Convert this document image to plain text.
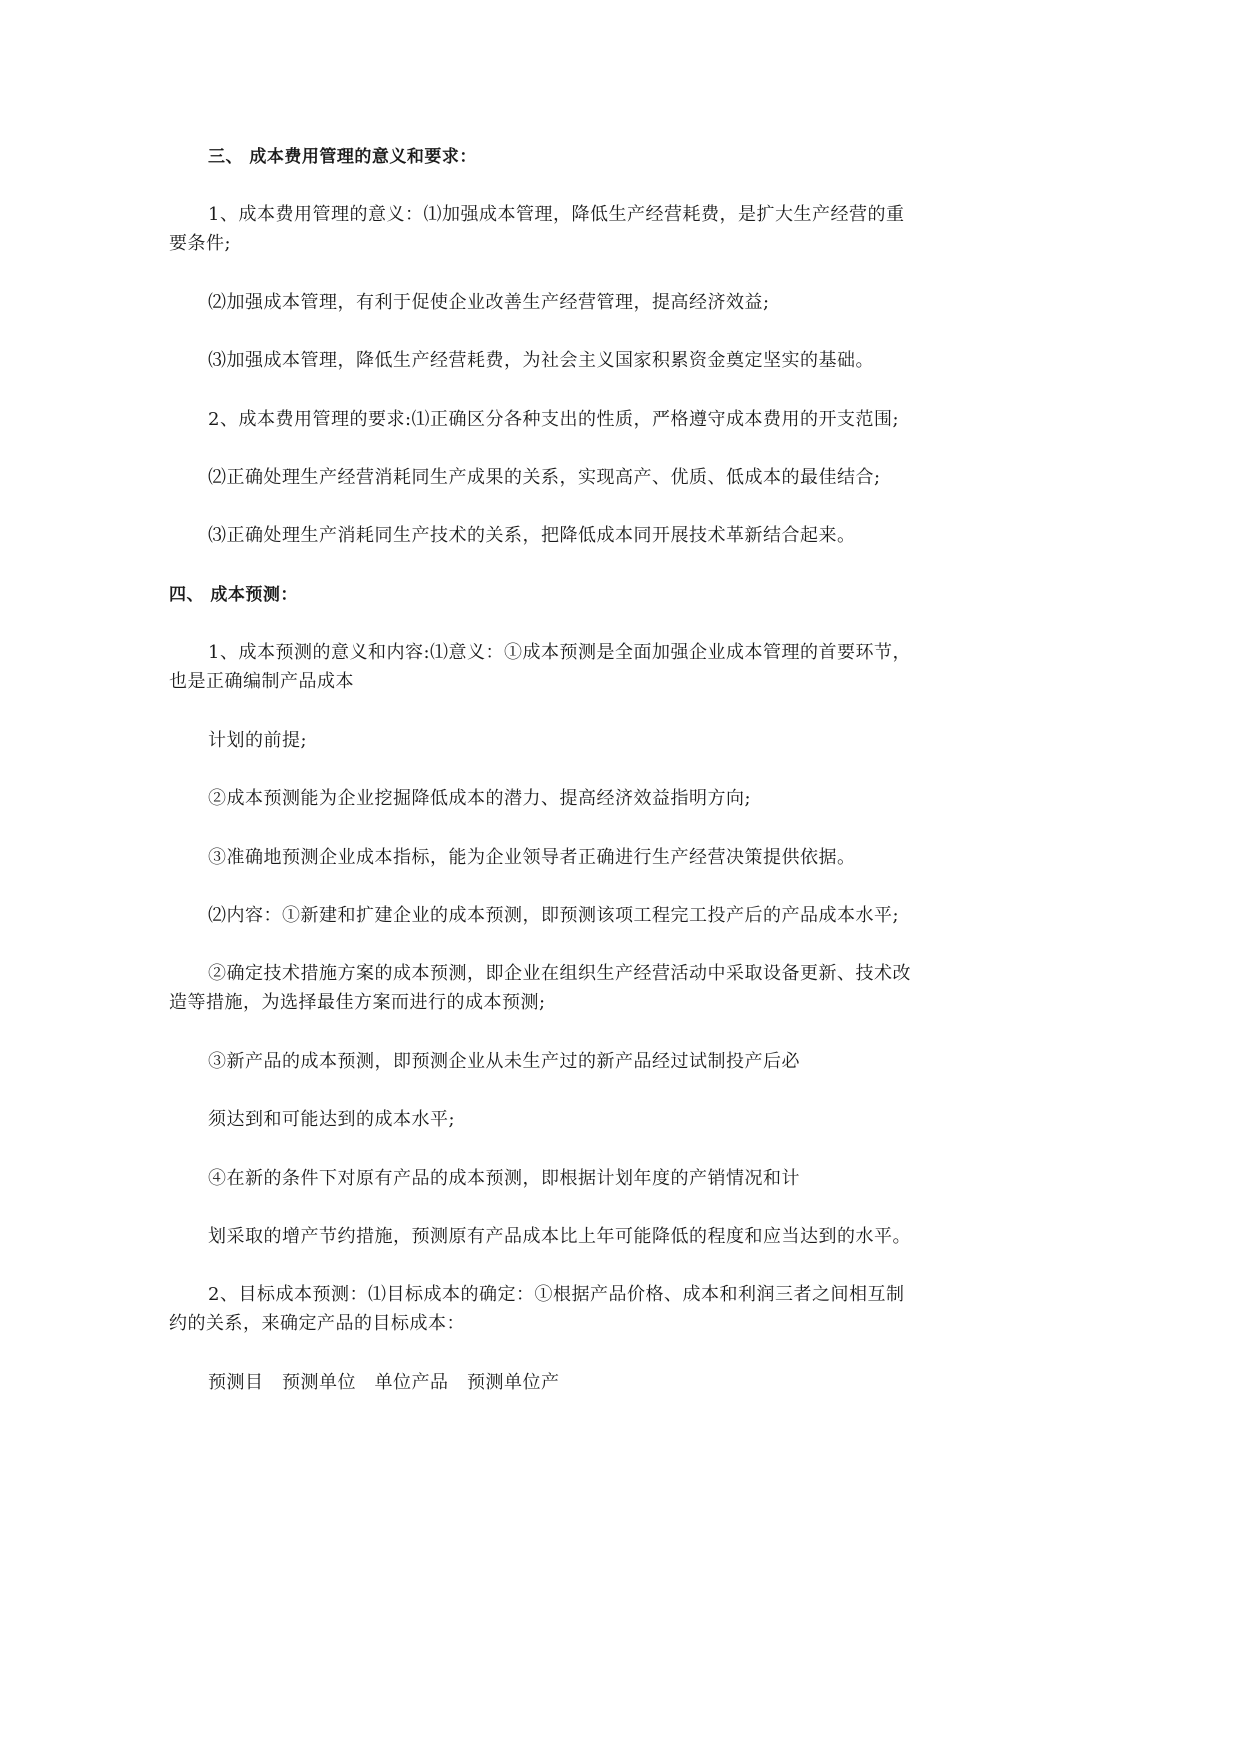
三、 成本费用管理的意义和要求：

1、成本费用管理的意义：⑴加强成本管理，降低生产经营耗费，是扩大生产经营的重

要条件;

⑵加强成本管理，有利于促使企业改善生产经营管理，提高经济效益;

⑶加强成本管理，降低生产经营耗费，为社会主义国家积累资金奠定坚实的基础。

2、成本费用管理的要求:⑴正确区分各种支出的性质，严格遵守成本费用的开支范围;

⑵正确处理生产经营消耗同生产成果的关系，实现高产、优质、低成本的最佳结合;

⑶正确处理生产消耗同生产技术的关系，把降低成本同开展技术革新结合起来。

四、 成本预测：

1、成本预测的意义和内容:⑴意义：①成本预测是全面加强企业成本管理的首要环节，

也是正确编制产品成本

计划的前提;

②成本预测能为企业挖掘降低成本的潜力、提高经济效益指明方向;

③准确地预测企业成本指标，能为企业领导者正确进行生产经营决策提供依据。

⑵内容：①新建和扩建企业的成本预测，即预测该项工程完工投产后的产品成本水平;

②确定技术措施方案的成本预测，即企业在组织生产经营活动中采取设备更新、技术改

造等措施，为选择最佳方案而进行的成本预测;

③新产品的成本预测，即预测企业从未生产过的新产品经过试制投产后必

须达到和可能达到的成本水平;

④在新的条件下对原有产品的成本预测，即根据计划年度的产销情况和计

划采取的增产节约措施，预测原有产品成本比上年可能降低的程度和应当达到的水平。

2、目标成本预测：⑴目标成本的确定：①根据产品价格、成本和利润三者之间相互制

约的关系，来确定产品的目标成本：

预测目　预测单位　单位产品　预测单位产
